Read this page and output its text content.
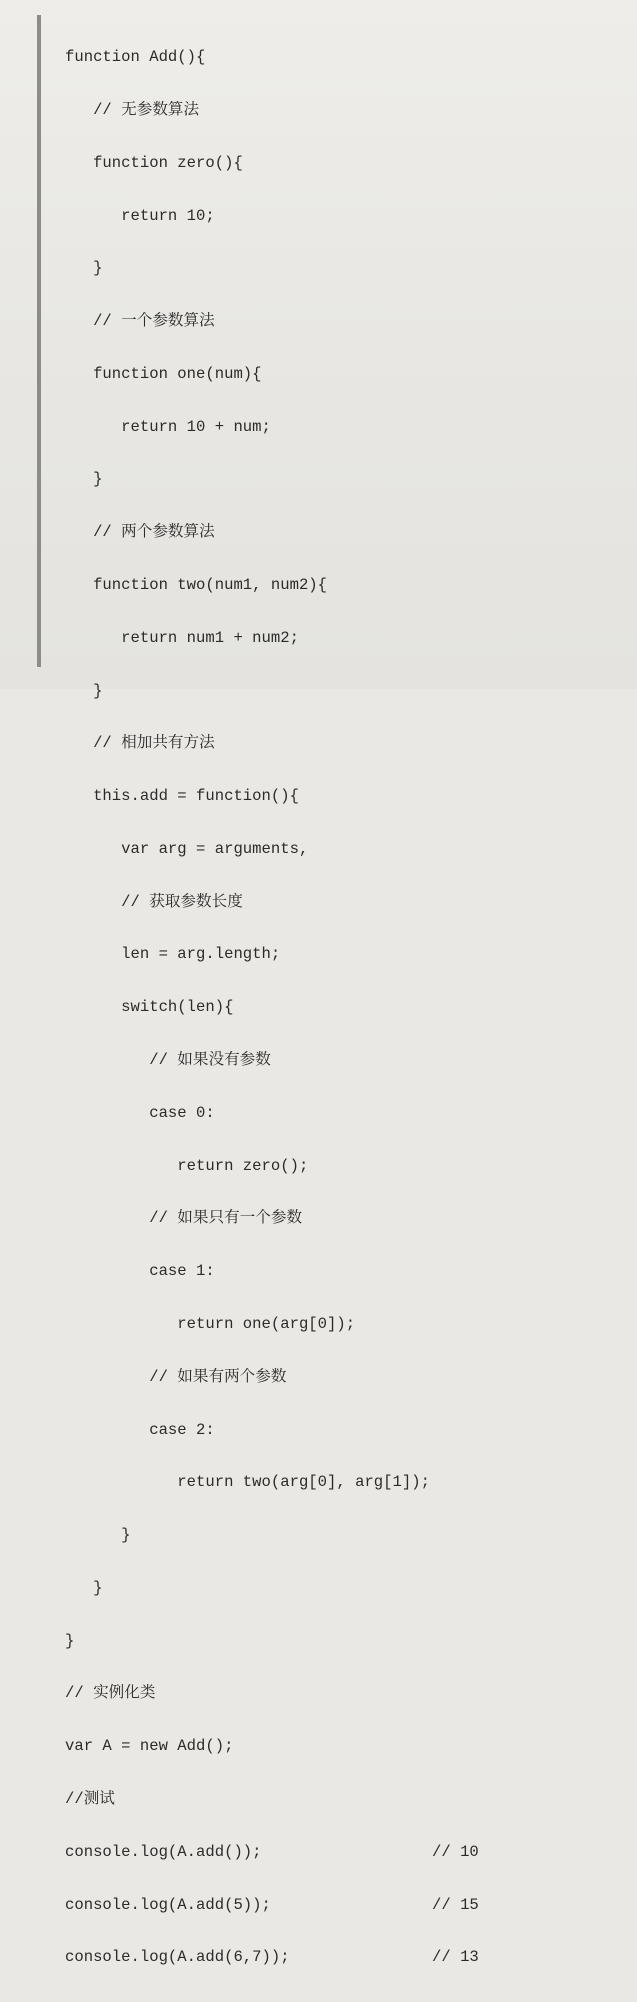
function Add(){

// 无参数算法

function zero(){

return 10;

}

// 一个参数算法

function one(num){

return 10 + num;

}

// 两个参数算法

function two(num1, num2){

return num1 + num2;

}

// 相加共有方法

this.add = function(){

var arg = arguments,

// 获取参数长度

len = arg.length;

switch(len){

// 如果没有参数

case 0:

return zero();

// 如果只有一个参数

case 1:

return one(arg[0]);

// 如果有两个参数

case 2:

return two(arg[0], arg[1]);

}

}

}

// 实例化类

var A = new Add();

//测试

console.log(A.add());	// 10

console.log(A.add(5));	// 15

console.log(A.add(6,7));	// 13
